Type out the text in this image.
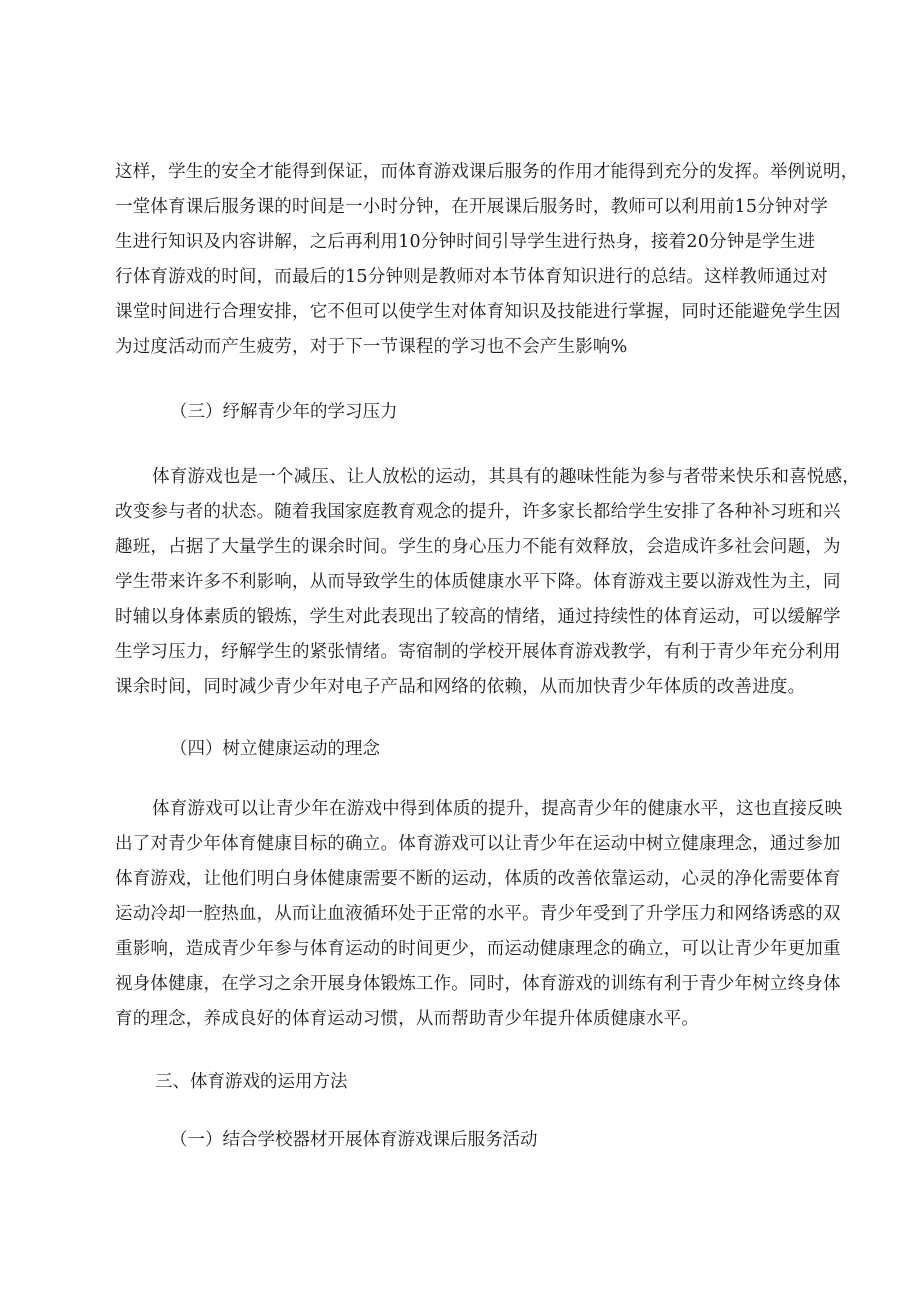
这样，学生的安全才能得到保证，而体育游戏课后服务的作用才能得到充分的发挥。举例说明，
一堂体育课后服务课的时间是一小时分钟，在开展课后服务时，教师可以利用前15分钟对学
生进行知识及内容讲解，之后再利用10分钟时间引导学生进行热身，接着20分钟是学生进
行体育游戏的时间，而最后的15分钟则是教师对本节体育知识进行的总结。这样教师通过对
课堂时间进行合理安排，它不但可以使学生对体育知识及技能进行掌握，同时还能避免学生因
为过度活动而产生疲劳，对于下一节课程的学习也不会产生影响%
（三）纾解青少年的学习压力
体育游戏也是一个减压、让人放松的运动，其具有的趣味性能为参与者带来快乐和喜悦感，
改变参与者的状态。随着我国家庭教育观念的提升，许多家长都给学生安排了各种补习班和兴
趣班，占据了大量学生的课余时间。学生的身心压力不能有效释放，会造成许多社会问题，为
学生带来许多不利影响，从而导致学生的体质健康水平下降。体育游戏主要以游戏性为主，同
时辅以身体素质的锻炼，学生对此表现出了较高的情绪，通过持续性的体育运动，可以缓解学
生学习压力，纾解学生的紧张情绪。寄宿制的学校开展体育游戏教学，有利于青少年充分利用
课余时间，同时减少青少年对电子产品和网络的依赖，从而加快青少年体质的改善进度。
（四）树立健康运动的理念
体育游戏可以让青少年在游戏中得到体质的提升，提高青少年的健康水平，这也直接反映
出了对青少年体育健康目标的确立。体育游戏可以让青少年在运动中树立健康理念，通过参加
体育游戏，让他们明白身体健康需要不断的运动，体质的改善依靠运动，心灵的净化需要体育
运动冷却一腔热血，从而让血液循环处于正常的水平。青少年受到了升学压力和网络诱惑的双
重影响，造成青少年参与体育运动的时间更少，而运动健康理念的确立，可以让青少年更加重
视身体健康，在学习之余开展身体锻炼工作。同时，体育游戏的训练有利于青少年树立终身体
育的理念，养成良好的体育运动习惯，从而帮助青少年提升体质健康水平。
三、体育游戏的运用方法
（一）结合学校器材开展体育游戏课后服务活动
